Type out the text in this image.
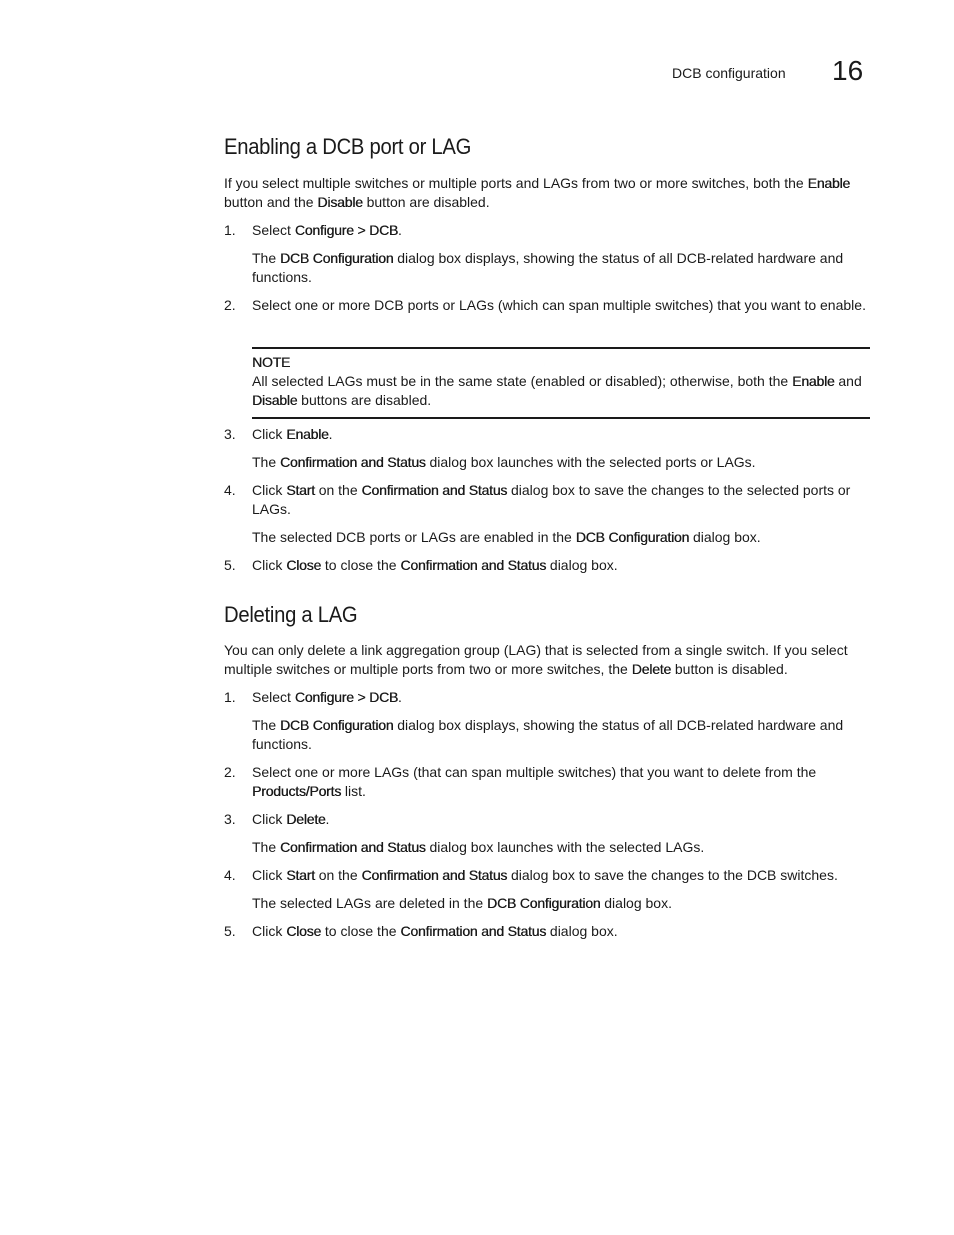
DCB configuration 16
Enabling a DCB port or LAG

If you select multiple switches or multiple ports and LAGs from two or more switches, both the Enable button and the Disable button are disabled.

1. Select Configure > DCB.

The DCB Configuration dialog box displays, showing the status of all DCB-related hardware and functions.

2. Select one or more DCB ports or LAGs (which can span multiple switches) that you want to enable.

NOTE
All selected LAGs must be in the same state (enabled or disabled); otherwise, both the Enable and Disable buttons are disabled.
3. Click Enable.

The Confirmation and Status dialog box launches with the selected ports or LAGs.

4. Click Start on the Confirmation and Status dialog box to save the changes to the selected ports or LAGs.

The selected DCB ports or LAGs are enabled in the DCB Configuration dialog box.

5. Click Close to close the Confirmation and Status dialog box.

Deleting a LAG

You can only delete a link aggregation group (LAG) that is selected from a single switch. If you select multiple switches or multiple ports from two or more switches, the Delete button is disabled.

1. Select Configure > DCB.

The DCB Configuration dialog box displays, showing the status of all DCB-related hardware and functions.

2. Select one or more LAGs (that can span multiple switches) that you want to delete from the Products/Ports list.

3. Click Delete.

The Confirmation and Status dialog box launches with the selected LAGs.

4. Click Start on the Confirmation and Status dialog box to save the changes to the DCB switches.

The selected LAGs are deleted in the DCB Configuration dialog box.

5. Click Close to close the Confirmation and Status dialog box.
